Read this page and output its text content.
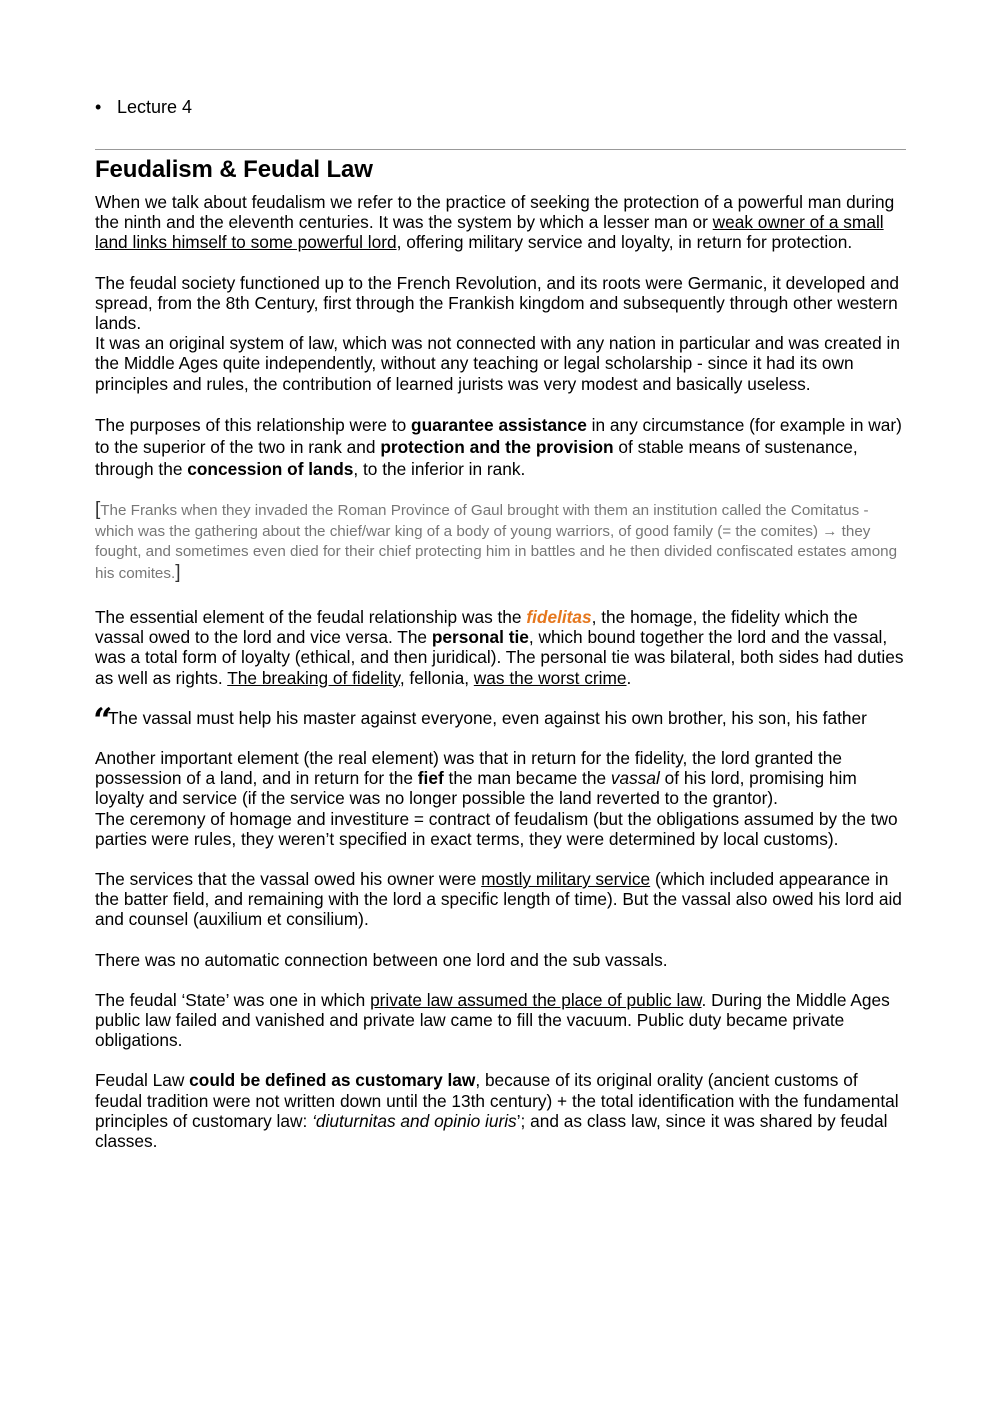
• Lecture 4
Feudalism & Feudal Law

When we talk about feudalism we refer to the practice of seeking the protection of a powerful man during the ninth and the eleventh centuries. It was the system by which a lesser man or weak owner of a small land links himself to some powerful lord, offering military service and loyalty, in return for protection.

The feudal society functioned up to the French Revolution, and its roots were Germanic, it developed and spread, from the 8th Century, first through the Frankish kingdom and subsequently through other western lands.

It was an original system of law, which was not connected with any nation in particular and was created in the Middle Ages quite independently, without any teaching or legal scholarship - since it had its own principles and rules, the contribution of learned jurists was very modest and basically useless.

The purposes of this relationship were to guarantee assistance in any circumstance (for example in war) to the superior of the two in rank and protection and the provision of stable means of sustenance, through the concession of lands, to the inferior in rank.

[The Franks when they invaded the Roman Province of Gaul brought with them an institution called the Comitatus - which was the gathering about the chief/war king of a body of young warriors, of good family (= the comites) → they fought, and sometimes even died for their chief protecting him in battles and he then divided confiscated estates among his comites.]

The essential element of the feudal relationship was the fidelitas, the homage, the fidelity which the vassal owed to the lord and vice versa. The personal tie, which bound together the lord and the vassal, was a total form of loyalty (ethical, and then juridical). The personal tie was bilateral, both sides had duties as well as rights. The breaking of fidelity, fellonia, was the worst crime.

“

The vassal must help his master against everyone, even against his own brother, his son, his father

Another important element (the real element) was that in return for the fidelity, the lord granted the possession of a land, and in return for the fief the man became the vassal of his lord, promising him loyalty and service (if the service was no longer possible the land reverted to the grantor).

The ceremony of homage and investiture = contract of feudalism (but the obligations assumed by the two parties were rules, they weren’t specified in exact terms, they were determined by local customs).

The services that the vassal owed his owner were mostly military service (which included appearance in the batter field, and remaining with the lord a specific length of time). But the vassal also owed his lord aid and counsel (auxilium et consilium).

There was no automatic connection between one lord and the sub vassals.

The feudal ‘State’ was one in which private law assumed the place of public law. During the Middle Ages public law failed and vanished and private law came to fill the vacuum. Public duty became private obligations.

Feudal Law could be defined as customary law, because of its original orality (ancient customs of feudal tradition were not written down until the 13th century) + the total identification with the fundamental principles of customary law: ‘diuturnitas and opinio iuris’; and as class law, since it was shared by feudal classes.
